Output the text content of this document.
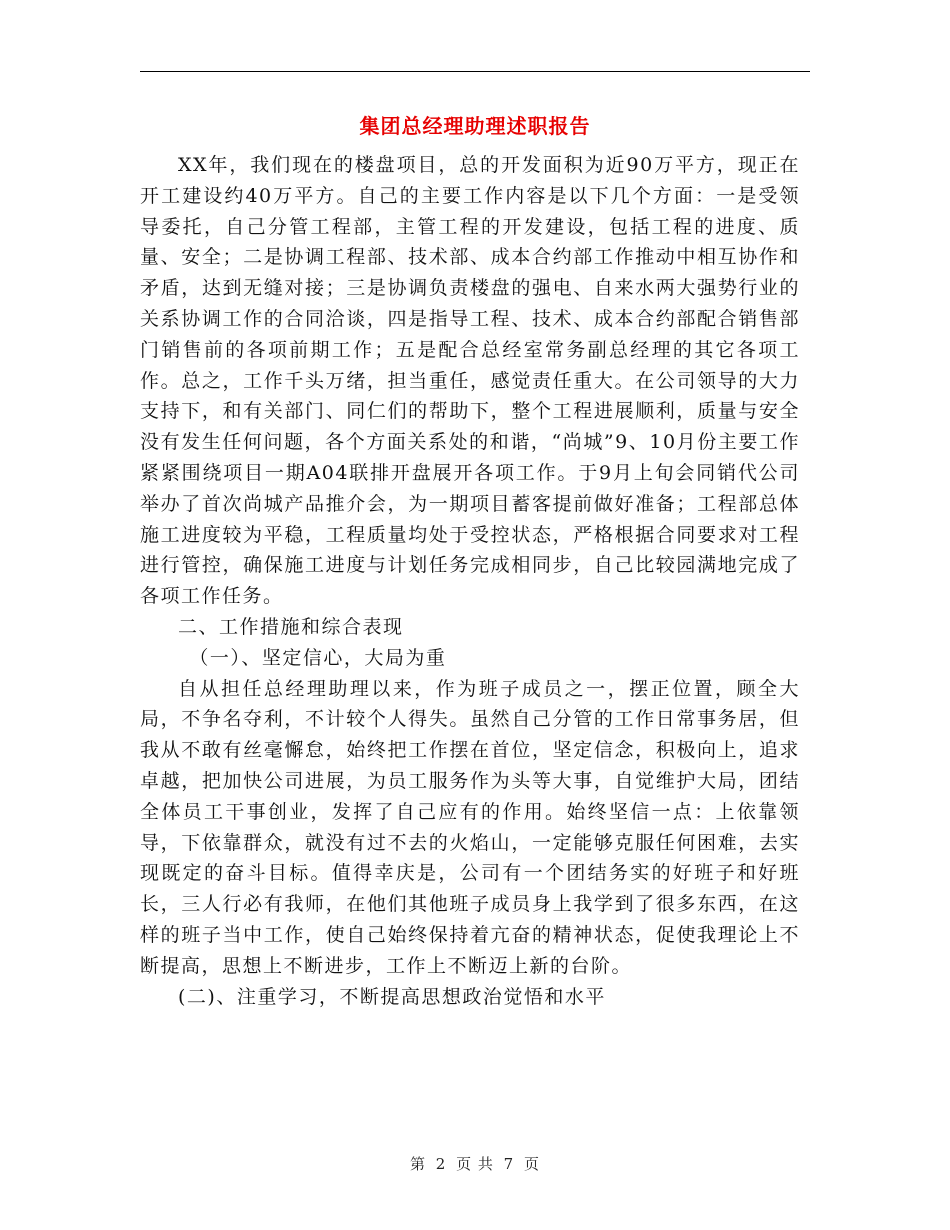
集团总经理助理述职报告

XX年，我们现在的楼盘项目，总的开发面积为近90万平方，现正在开工建设约40万平方。自己的主要工作内容是以下几个方面：一是受领导委托，自己分管工程部，主管工程的开发建设，包括工程的进度、质量、安全；二是协调工程部、技术部、成本合约部工作推动中相互协作和矛盾，达到无缝对接；三是协调负责楼盘的强电、自来水两大强势行业的关系协调工作的合同洽谈，四是指导工程、技术、成本合约部配合销售部门销售前的各项前期工作；五是配合总经室常务副总经理的其它各项工作。总之，工作千头万绪，担当重任，感觉责任重大。在公司领导的大力支持下，和有关部门、同仁们的帮助下，整个工程进展顺利，质量与安全没有发生任何问题，各个方面关系处的和谐，“尚城”9、10月份主要工作紧紧围绕项目一期A04联排开盘展开各项工作。于9月上旬会同销代公司举办了首次尚城产品推介会，为一期项目蓄客提前做好准备；工程部总体施工进度较为平稳，工程质量均处于受控状态，严格根据合同要求对工程进行管控，确保施工进度与计划任务完成相同步，自己比较园满地完成了各项工作任务。

二、工作措施和综合表现

（一）、坚定信心，大局为重

自从担任总经理助理以来，作为班子成员之一，摆正位置，顾全大局，不争名夺利，不计较个人得失。虽然自己分管的工作日常事务居，但我从不敢有丝毫懈怠，始终把工作摆在首位，坚定信念，积极向上，追求卓越，把加快公司进展，为员工服务作为头等大事，自觉维护大局，团结全体员工干事创业，发挥了自己应有的作用。始终坚信一点：上依靠领导，下依靠群众，就没有过不去的火焰山，一定能够克服任何困难，去实现既定的奋斗目标。值得幸庆是，公司有一个团结务实的好班子和好班长，三人行必有我师，在他们其他班子成员身上我学到了很多东西，在这样的班子当中工作，使自己始终保持着亢奋的精神状态，促使我理论上不断提高，思想上不断进步，工作上不断迈上新的台阶。

(二)、注重学习，不断提高思想政治觉悟和水平

第 2 页 共 7 页
